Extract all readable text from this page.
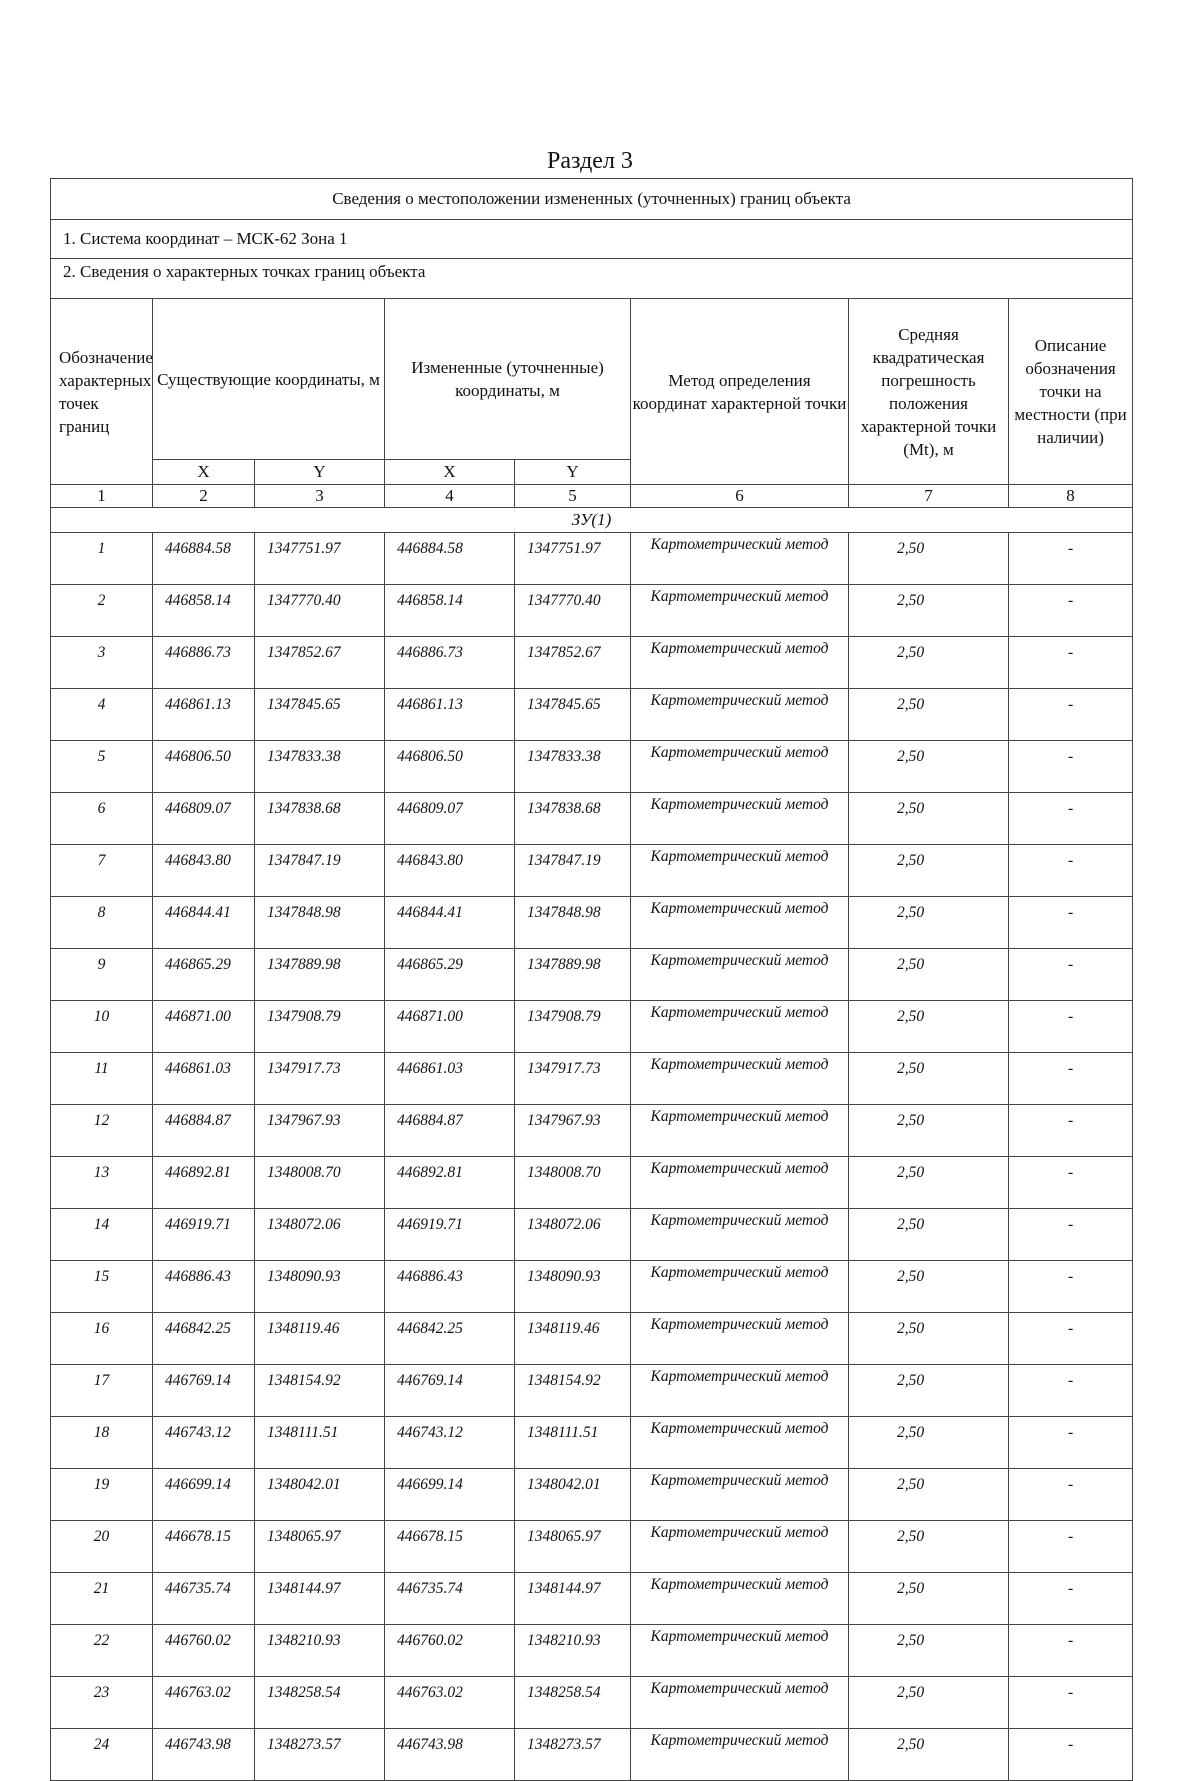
Раздел 3
Сведения о местоположении измененных (уточненных) границ объекта							
1. Система координат – МСК-62 Зона 1							
2. Сведения о характерных точках границ объекта							
Обозначение характерных точек границ	Существующие координаты, м		Измененные (уточненные) координаты, м		Метод определения координат характерной точки	Средняя квадратическая погрешность положения характерной точки (Mt), м	Описание обозначения точки на местности (при наличии)
	X	Y	X	Y			
1	2	3	4	5	6	7	8
ЗУ(1)							
1	446884.58	1347751.97	446884.58	1347751.97	Картометрический метод	2,50	-
2	446858.14	1347770.40	446858.14	1347770.40	Картометрический метод	2,50	-
3	446886.73	1347852.67	446886.73	1347852.67	Картометрический метод	2,50	-
4	446861.13	1347845.65	446861.13	1347845.65	Картометрический метод	2,50	-
5	446806.50	1347833.38	446806.50	1347833.38	Картометрический метод	2,50	-
6	446809.07	1347838.68	446809.07	1347838.68	Картометрический метод	2,50	-
7	446843.80	1347847.19	446843.80	1347847.19	Картометрический метод	2,50	-
8	446844.41	1347848.98	446844.41	1347848.98	Картометрический метод	2,50	-
9	446865.29	1347889.98	446865.29	1347889.98	Картометрический метод	2,50	-
10	446871.00	1347908.79	446871.00	1347908.79	Картометрический метод	2,50	-
11	446861.03	1347917.73	446861.03	1347917.73	Картометрический метод	2,50	-
12	446884.87	1347967.93	446884.87	1347967.93	Картометрический метод	2,50	-
13	446892.81	1348008.70	446892.81	1348008.70	Картометрический метод	2,50	-
14	446919.71	1348072.06	446919.71	1348072.06	Картометрический метод	2,50	-
15	446886.43	1348090.93	446886.43	1348090.93	Картометрический метод	2,50	-
16	446842.25	1348119.46	446842.25	1348119.46	Картометрический метод	2,50	-
17	446769.14	1348154.92	446769.14	1348154.92	Картометрический метод	2,50	-
18	446743.12	1348111.51	446743.12	1348111.51	Картометрический метод	2,50	-
19	446699.14	1348042.01	446699.14	1348042.01	Картометрический метод	2,50	-
20	446678.15	1348065.97	446678.15	1348065.97	Картометрический метод	2,50	-
21	446735.74	1348144.97	446735.74	1348144.97	Картометрический метод	2,50	-
22	446760.02	1348210.93	446760.02	1348210.93	Картометрический метод	2,50	-
23	446763.02	1348258.54	446763.02	1348258.54	Картометрический метод	2,50	-
24	446743.98	1348273.57	446743.98	1348273.57	Картометрический метод	2,50	-
